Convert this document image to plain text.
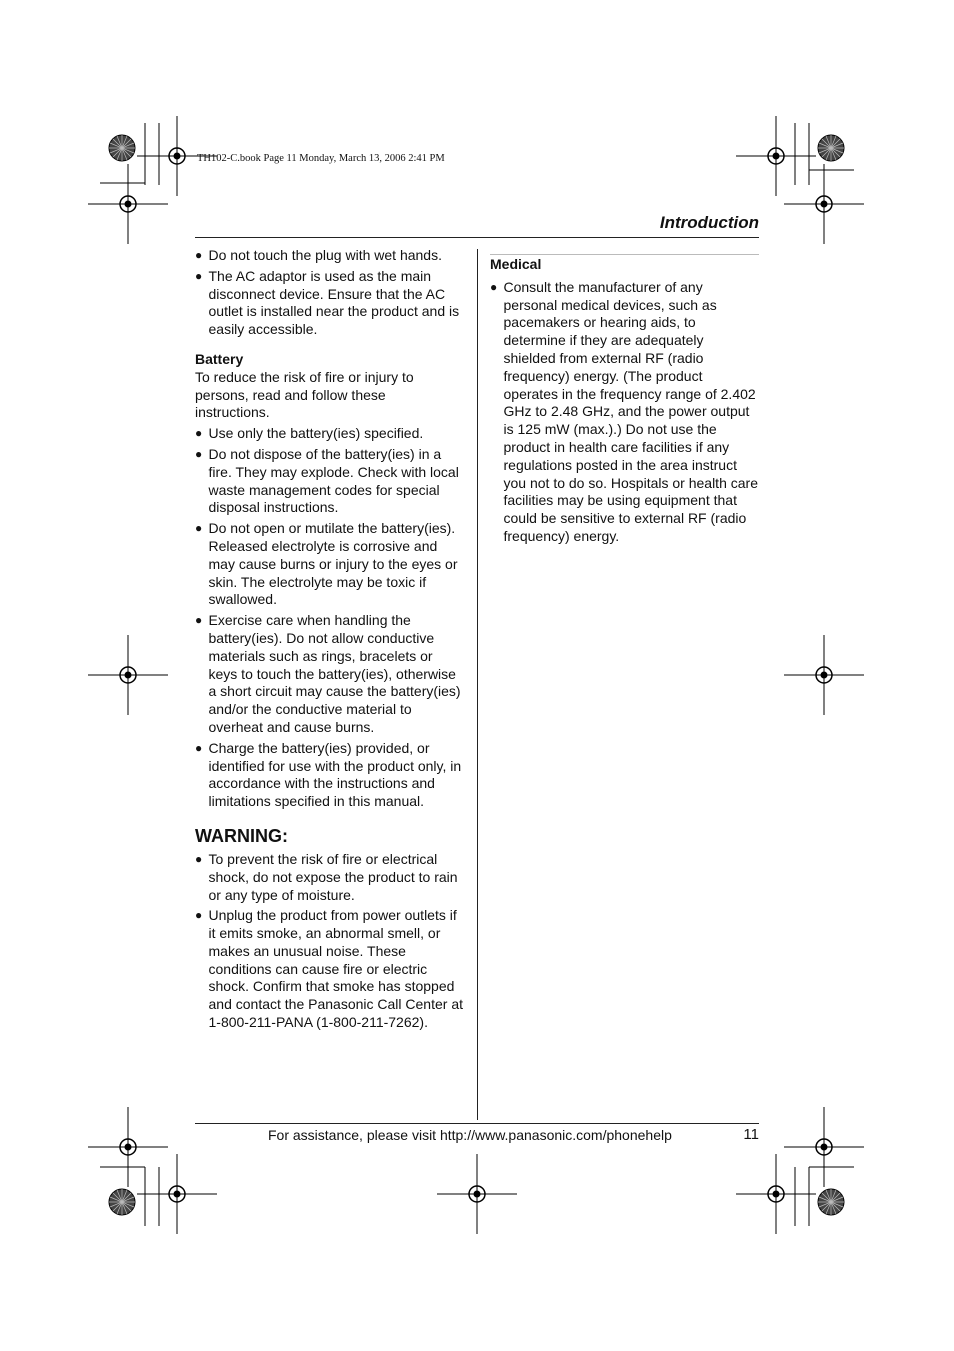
TH102-C.book Page 11 Monday, March 13, 2006 2:41 PM
Introduction
● Do not touch the plug with wet hands.
● The AC adaptor is used as the main disconnect device. Ensure that the AC outlet is installed near the product and is easily accessible.
Battery
To reduce the risk of fire or injury to persons, read and follow these instructions.
● Use only the battery(ies) specified.
● Do not dispose of the battery(ies) in a fire. They may explode. Check with local waste management codes for special disposal instructions.
● Do not open or mutilate the battery(ies). Released electrolyte is corrosive and may cause burns or injury to the eyes or skin. The electrolyte may be toxic if swallowed.
● Exercise care when handling the battery(ies). Do not allow conductive materials such as rings, bracelets or keys to touch the battery(ies), otherwise a short circuit may cause the battery(ies) and/or the conductive material to overheat and cause burns.
● Charge the battery(ies) provided, or identified for use with the product only, in accordance with the instructions and limitations specified in this manual.
WARNING:
● To prevent the risk of fire or electrical shock, do not expose the product to rain or any type of moisture.
● Unplug the product from power outlets if it emits smoke, an abnormal smell, or makes an unusual noise. These conditions can cause fire or electric shock. Confirm that smoke has stopped and contact the Panasonic Call Center at 1-800-211-PANA (1-800-211-7262).
Medical
● Consult the manufacturer of any personal medical devices, such as pacemakers or hearing aids, to determine if they are adequately shielded from external RF (radio frequency) energy. (The product operates in the frequency range of 2.402 GHz to 2.48 GHz, and the power output is 125 mW (max.).) Do not use the product in health care facilities if any regulations posted in the area instruct you not to do so. Hospitals or health care facilities may be using equipment that could be sensitive to external RF (radio frequency) energy.
For assistance, please visit http://www.panasonic.com/phonehelp	11
